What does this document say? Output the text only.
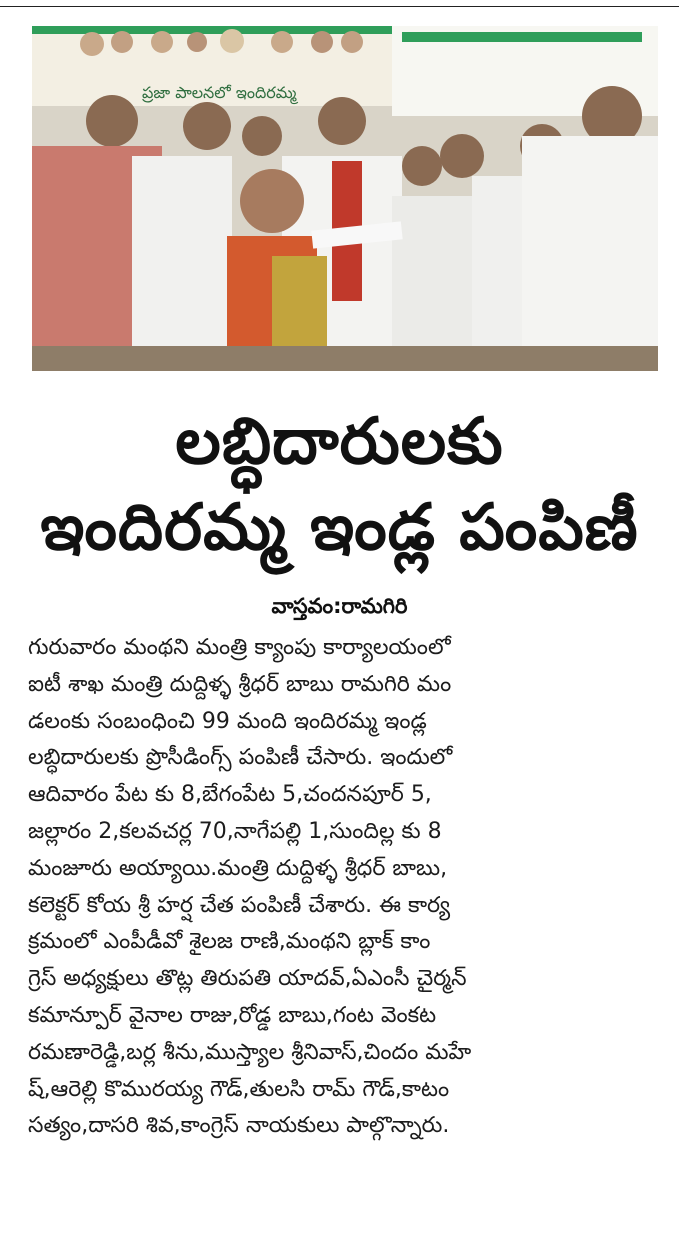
ప్రజా పాలనలో ఇందిరమ్మ
లబ్ధిదారులకు
ఇందిరమ్మ ఇండ్ల పంపిణీ
వాస్తవం:రామగిరి
గురువారం మంథని మంత్రి క్యాంపు కార్యాలయంలో
ఐటీ శాఖ మంత్రి దుద్దిళ్ళ శ్రీధర్ బాబు రామగిరి మం
డలంకు సంబంధించి 99 మంది ఇందిరమ్మ ఇండ్ల
లబ్ధిదారులకు ప్రొసీడింగ్స్ పంపిణీ చేసారు. ఇందులో
ఆదివారం పేట కు 8,బేగంపేట 5,చందనపూర్ 5,
జల్లారం 2,కలవచర్ల 70,నాగేపల్లి 1,సుందిల్ల కు 8
మంజూరు అయ్యాయి.మంత్రి దుద్దిళ్ళ శ్రీధర్ బాబు,
కలెక్టర్ కోయ శ్రీ హర్ష చేత పంపిణీ చేశారు. ఈ కార్య
క్రమంలో ఎంపీడీవో శైలజ రాణి,మంథని బ్లాక్ కాం
గ్రెస్ అధ్యక్షులు తొట్ల తిరుపతి యాదవ్,ఏఎంసీ చైర్మన్
కమాన్పూర్ వైనాల రాజు,రోడ్డ బాబు,గంట వెంకట
రమణారెడ్డి,బర్ల శీను,ముస్త్యాల శ్రీనివాస్,చిందం మహే
ష్,ఆరెల్లి కొమురయ్య గౌడ్,తులసి రామ్ గౌడ్,కాటం
సత్యం,దాసరి శివ,కాంగ్రెస్ నాయకులు పాల్గొన్నారు.
